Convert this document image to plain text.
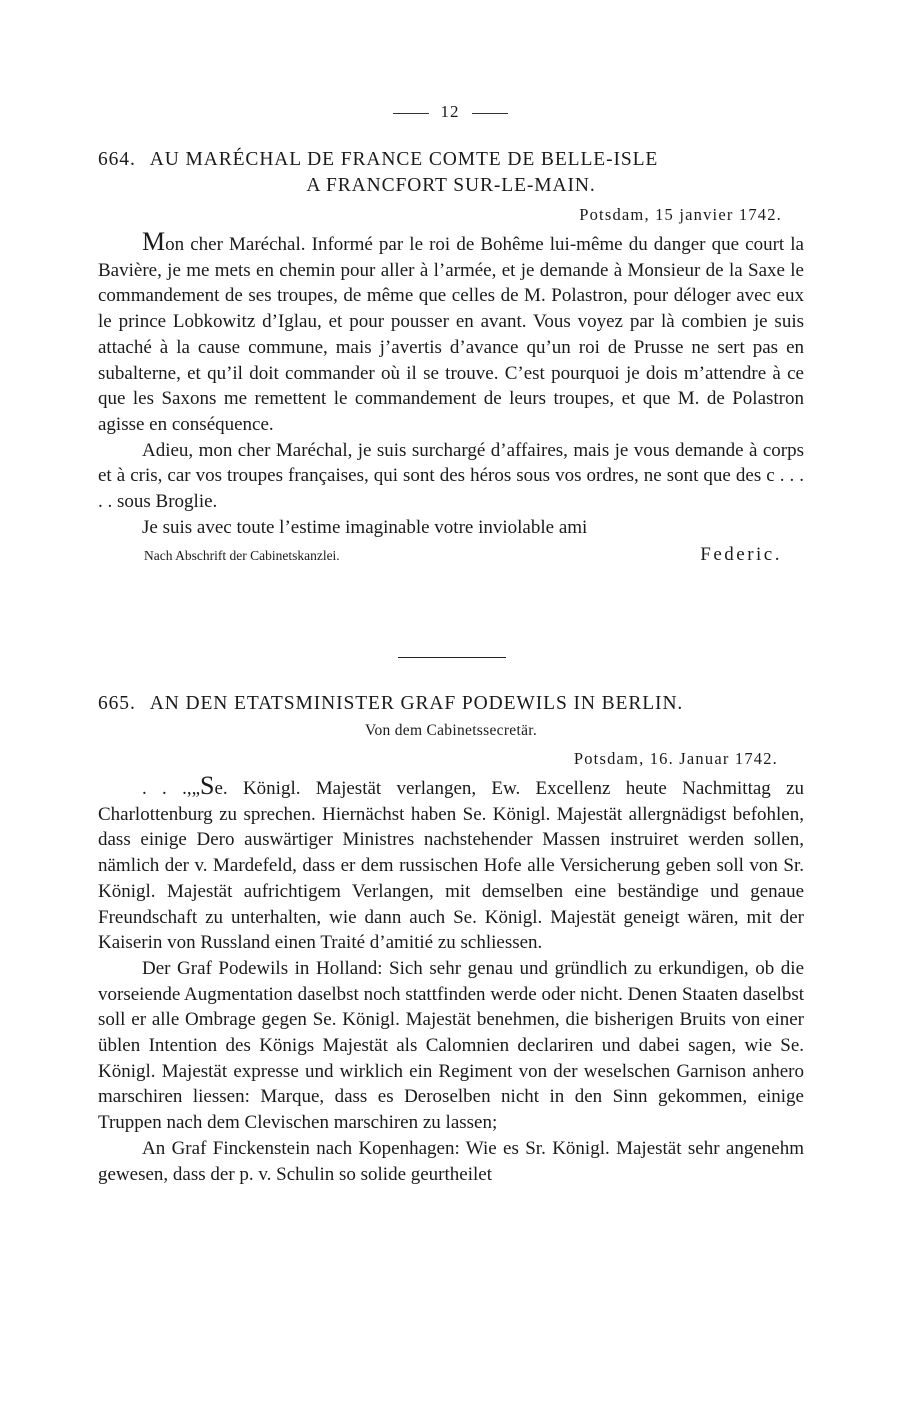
12
664. AU MARÉCHAL DE FRANCE COMTE DE BELLE-ISLE
A FRANCFORT SUR-LE-MAIN.
Potsdam, 15 janvier 1742.

Mon cher Maréchal. Informé par le roi de Bohême lui-même du danger que court la Bavière, je me mets en chemin pour aller à l’armée, et je demande à Monsieur de la Saxe le commandement de ses troupes, de même que celles de M. Polastron, pour déloger avec eux le prince Lobkowitz d’Iglau, et pour pousser en avant. Vous voyez par là combien je suis attaché à la cause commune, mais j’avertis d’avance qu’un roi de Prusse ne sert pas en subalterne, et qu’il doit commander où il se trouve. C’est pourquoi je dois m’attendre à ce que les Saxons me remettent le commandement de leurs troupes, et que M. de Polastron agisse en conséquence.

Adieu, mon cher Maréchal, je suis surchargé d’affaires, mais je vous demande à corps et à cris, car vos troupes françaises, qui sont des héros sous vos ordres, ne sont que des c . . . . . sous Broglie.

Je suis avec toute l’estime imaginable votre inviolable ami

Nach Abschrift der Cabinetskanzlei.	Federic.
665. AN DEN ETATSMINISTER GRAF PODEWILS IN BERLIN.
Von dem Cabinetssecretär.
Potsdam, 16. Januar 1742.

. . .,„Se. Königl. Majestät verlangen, Ew. Excellenz heute Nachmittag zu Charlottenburg zu sprechen. Hiernächst haben Se. Königl. Majestät allergnädigst befohlen, dass einige Dero auswärtiger Ministres nachstehender Massen instruiret werden sollen, nämlich der v. Mardefeld, dass er dem russischen Hofe alle Versicherung geben soll von Sr. Königl. Majestät aufrichtigem Verlangen, mit demselben eine beständige und genaue Freundschaft zu unterhalten, wie dann auch Se. Königl. Majestät geneigt wären, mit der Kaiserin von Russland einen Traité d’amitié zu schliessen.

Der Graf Podewils in Holland: Sich sehr genau und gründlich zu erkundigen, ob die vorseiende Augmentation daselbst noch stattfinden werde oder nicht. Denen Staaten daselbst soll er alle Ombrage gegen Se. Königl. Majestät benehmen, die bisherigen Bruits von einer üblen Intention des Königs Majestät als Calomnien declariren und dabei sagen, wie Se. Königl. Majestät expresse und wirklich ein Regiment von der weselschen Garnison anhero marschiren liessen: Marque, dass es Deroselben nicht in den Sinn gekommen, einige Truppen nach dem Clevischen marschiren zu lassen;

An Graf Finckenstein nach Kopenhagen: Wie es Sr. Königl. Majestät sehr angenehm gewesen, dass der p. v. Schulin so solide geurtheilet
